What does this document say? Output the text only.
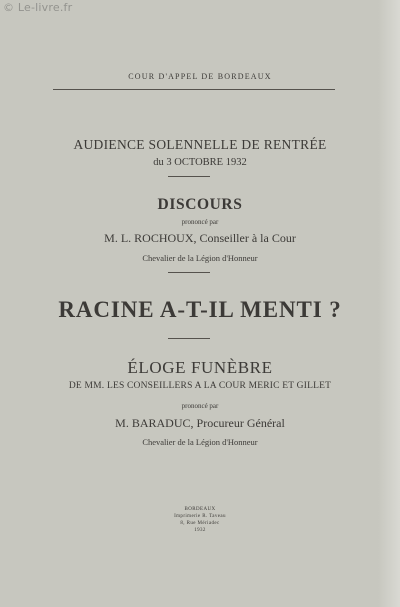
© Le-livre.fr
COUR D'APPEL DE BORDEAUX
AUDIENCE SOLENNELLE DE RENTRÉE
du 3 OCTOBRE 1932
DISCOURS
prononcé par
M. L. ROCHOUX, Conseiller à la Cour
Chevalier de la Légion d'Honneur
RACINE A-T-IL MENTI ?
ÉLOGE FUNÈBRE
DE MM. LES CONSEILLERS A LA COUR MERIC ET GILLET
prononcé par
M. BARADUC, Procureur Général
Chevalier de la Légion d'Honneur
BORDEAUX
Imprimerie R. Taveau
8, Rue Mériadec
1932
